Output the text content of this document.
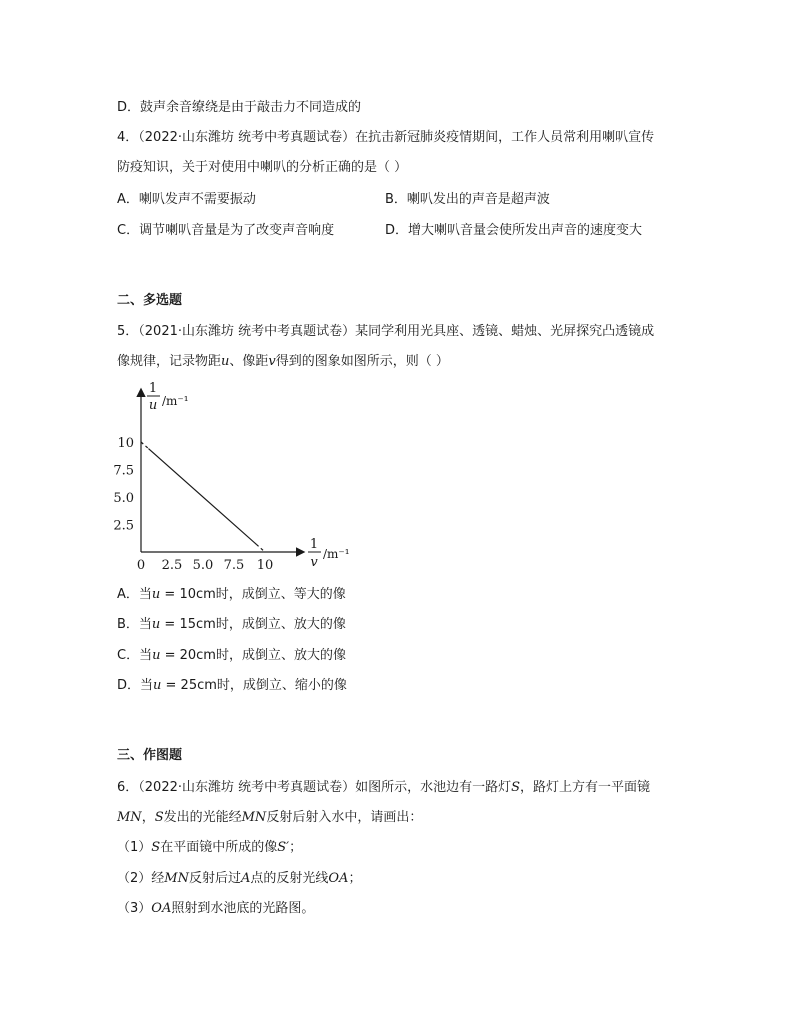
D．鼓声余音缭绕是由于敲击力不同造成的
4．（2022·山东潍坊 统考中考真题试卷）在抗击新冠肺炎疫情期间，工作人员常利用喇叭宣传
防疫知识，关于对使用中喇叭的分析正确的是（ ）
A．喇叭发声不需要振动	B．喇叭发出的声音是超声波
C．调节喇叭音量是为了改变声音响度	D．增大喇叭音量会使所发出声音的速度变大
二、多选题
5．（2021·山东潍坊 统考中考真题试卷）某同学利用光具座、透镜、蜡烛、光屏探究凸透镜成
像规律，记录物距u、像距v得到的图象如图所示，则（ ）
1
u /m⁻¹
1
v
/m⁻¹
0 2.5 5.0 7.5 10
2.5
5.0
7.5
10
A．当u = 10cm时，成倒立、等大的像
B．当u = 15cm时，成倒立、放大的像
C．当u = 20cm时，成倒立、放大的像
D．当u = 25cm时，成倒立、缩小的像
三、作图题
6．（2022·山东潍坊 统考中考真题试卷）如图所示，水池边有一路灯S，路灯上方有一平面镜
MN，S发出的光能经MN反射后射入水中，请画出：
（1）S在平面镜中所成的像S′；
（2）经MN反射后过A点的反射光线OA；
（3）OA照射到水池底的光路图。
